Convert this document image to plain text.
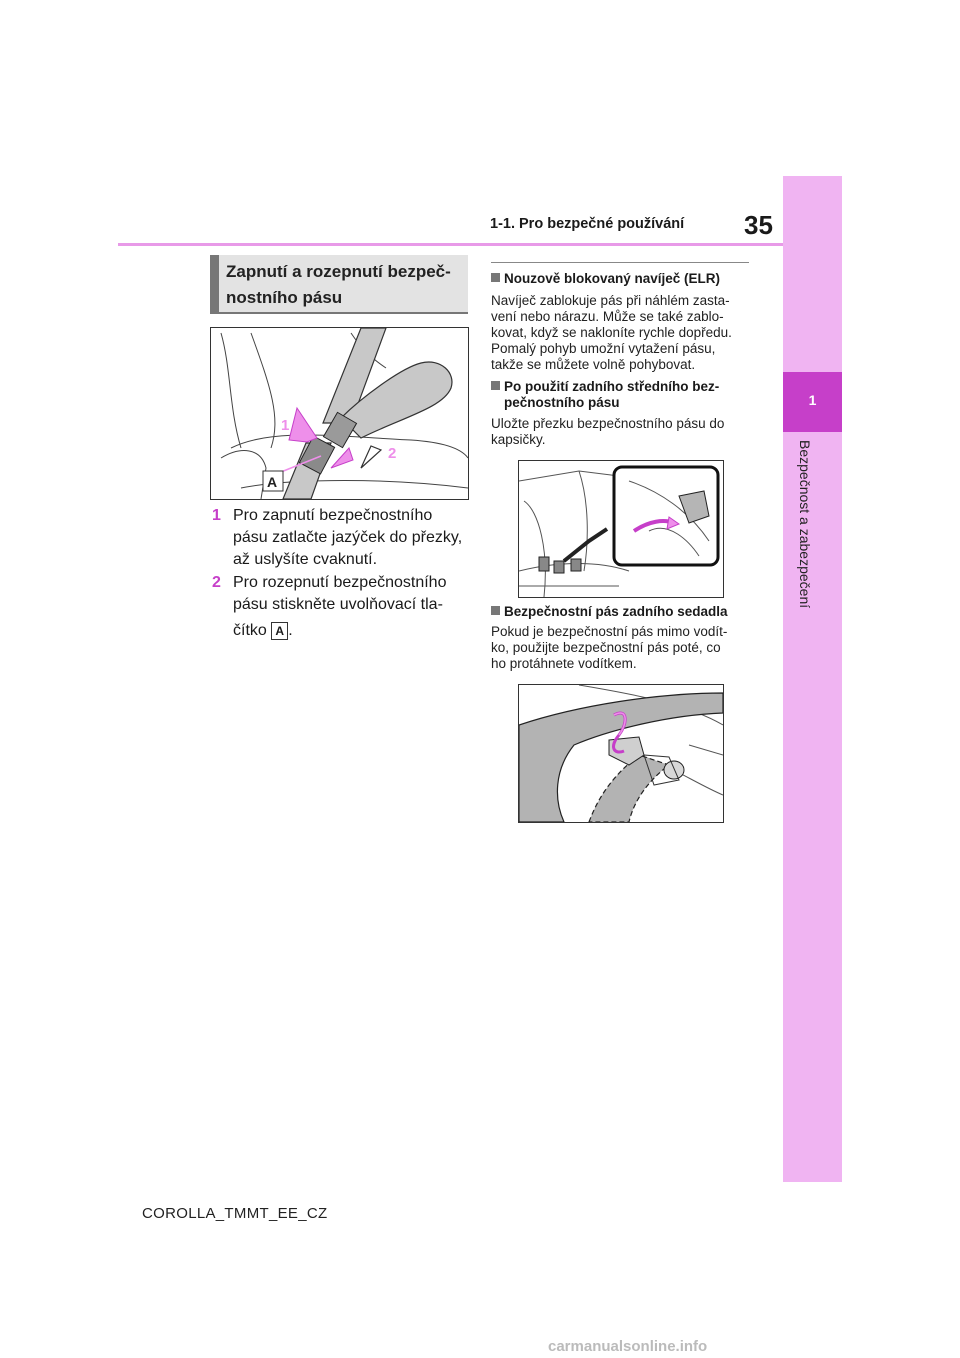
1-1. Pro bezpečné používání 35
1
Bezpečnost a zabezpečení
Zapnutí a rozepnutí bezpeč-
nostního pásu
1
2
A
1 Pro zapnutí bezpečnostního
pásu zatlačte jazýček do přezky,
až uslyšíte cvaknutí.
2 Pro rozepnutí bezpečnostního
pásu stiskněte uvolňovací tla-
čítko A .
Nouzově blokovaný navíječ (ELR)
Navíječ zablokuje pás při náhlém zasta-
vení nebo nárazu. Může se také zablo-
kovat, když se nakloníte rychle dopředu.
Pomalý pohyb umožní vytažení pásu,
takže se můžete volně pohybovat.
Po použití zadního středního bez-
pečnostního pásu
Uložte přezku bezpečnostního pásu do
kapsičky.
Bezpečnostní pás zadního sedadla
Pokud je bezpečnostní pás mimo vodít-
ko, použijte bezpečnostní pás poté, co
ho protáhnete vodítkem.
COROLLA_TMMT_EE_CZ
carmanualsonline.info
